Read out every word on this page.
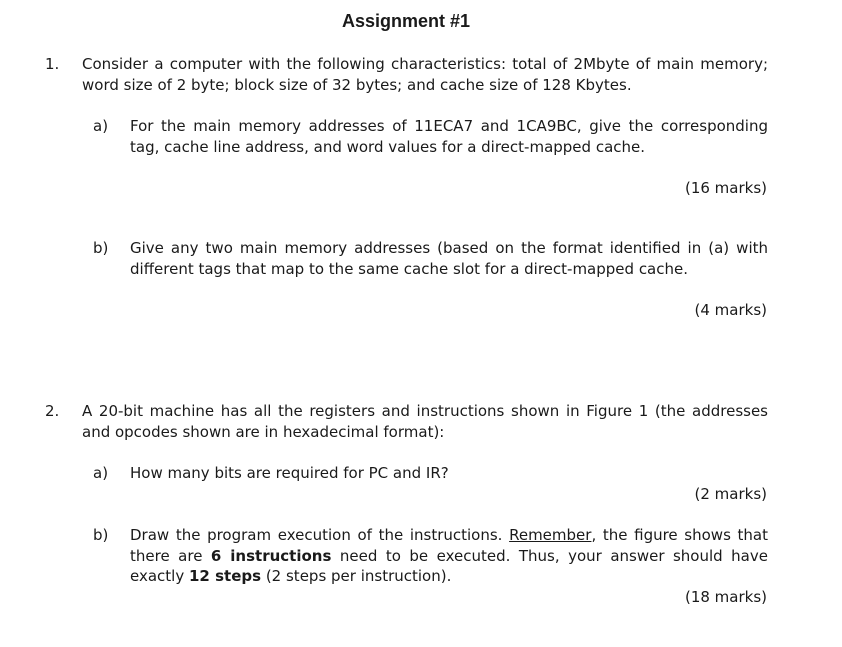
Assignment #1
1. Consider a computer with the following characteristics: total of 2Mbyte of main memory; word size of 2 byte; block size of 32 bytes; and cache size of 128 Kbytes.
a) For the main memory addresses of 11ECA7 and 1CA9BC, give the corresponding tag, cache line address, and word values for a direct-mapped cache.
(16 marks)
b) Give any two main memory addresses (based on the format identified in (a) with different tags that map to the same cache slot for a direct-mapped cache.
(4 marks)
2. A 20-bit machine has all the registers and instructions shown in Figure 1 (the addresses and opcodes shown are in hexadecimal format):
a) How many bits are required for PC and IR?
(2 marks)
b) Draw the program execution of the instructions. Remember, the figure shows that there are 6 instructions need to be executed. Thus, your answer should have exactly 12 steps (2 steps per instruction).
(18 marks)
